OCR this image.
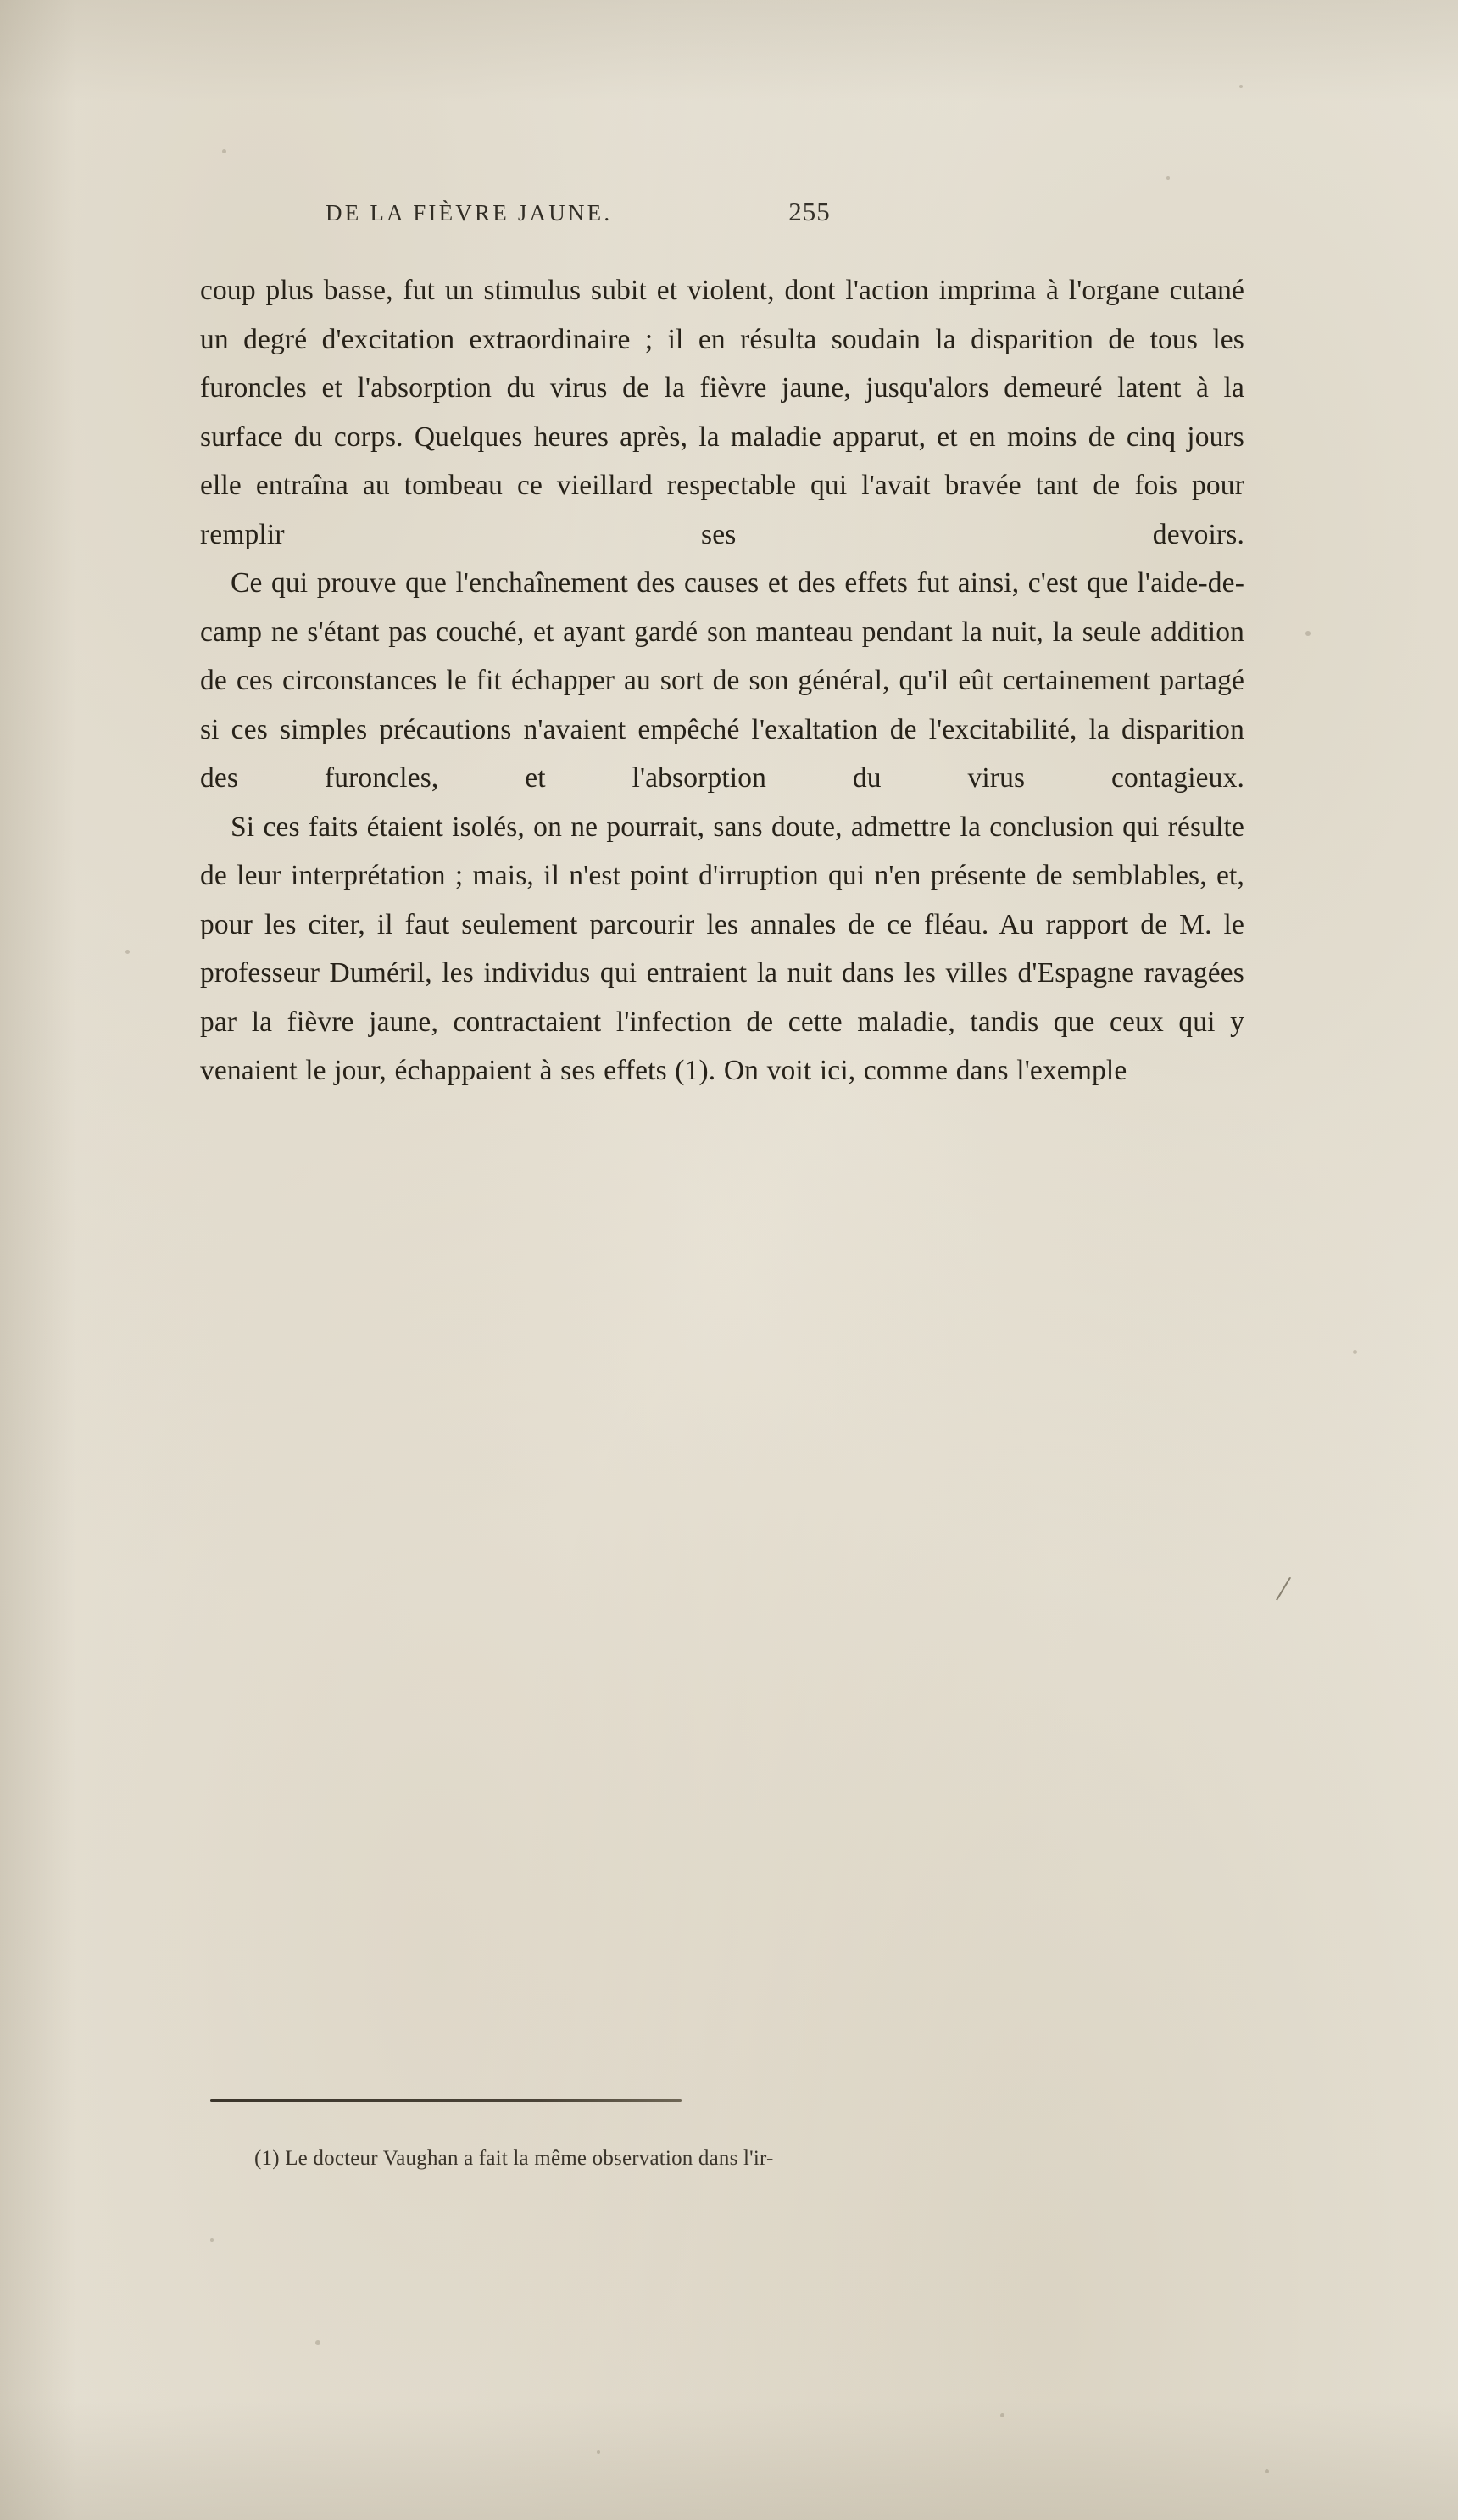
DE LA FIÈVRE JAUNE.	255

coup plus basse, fut un stimulus subit et violent, dont l'action imprima à l'organe cutané un degré d'excitation extraordinaire ; il en résulta soudain la disparition de tous les furoncles et l'absorption du virus de la fièvre jaune, jusqu'alors demeuré latent à la surface du corps. Quelques heures après, la maladie apparut, et en moins de cinq jours elle entraîna au tombeau ce vieillard respectable qui l'avait bravée tant de fois pour remplir ses devoirs.

Ce qui prouve que l'enchaînement des causes et des effets fut ainsi, c'est que l'aide-de-camp ne s'étant pas couché, et ayant gardé son manteau pendant la nuit, la seule addition de ces circonstances le fit échapper au sort de son général, qu'il eût certainement partagé si ces simples précautions n'avaient empêché l'exaltation de l'excitabilité, la disparition des furoncles, et l'absorption du virus contagieux.

Si ces faits étaient isolés, on ne pourrait, sans doute, admettre la conclusion qui résulte de leur interprétation ; mais, il n'est point d'irruption qui n'en présente de semblables, et, pour les citer, il faut seulement parcourir les annales de ce fléau. Au rapport de M. le professeur Duméril, les individus qui entraient la nuit dans les villes d'Espagne ravagées par la fièvre jaune, contractaient l'infection de cette maladie, tandis que ceux qui y venaient le jour, échappaient à ses effets (1). On voit ici, comme dans l'exemple

/
(1) Le docteur Vaughan a fait la même observation dans l'ir-
